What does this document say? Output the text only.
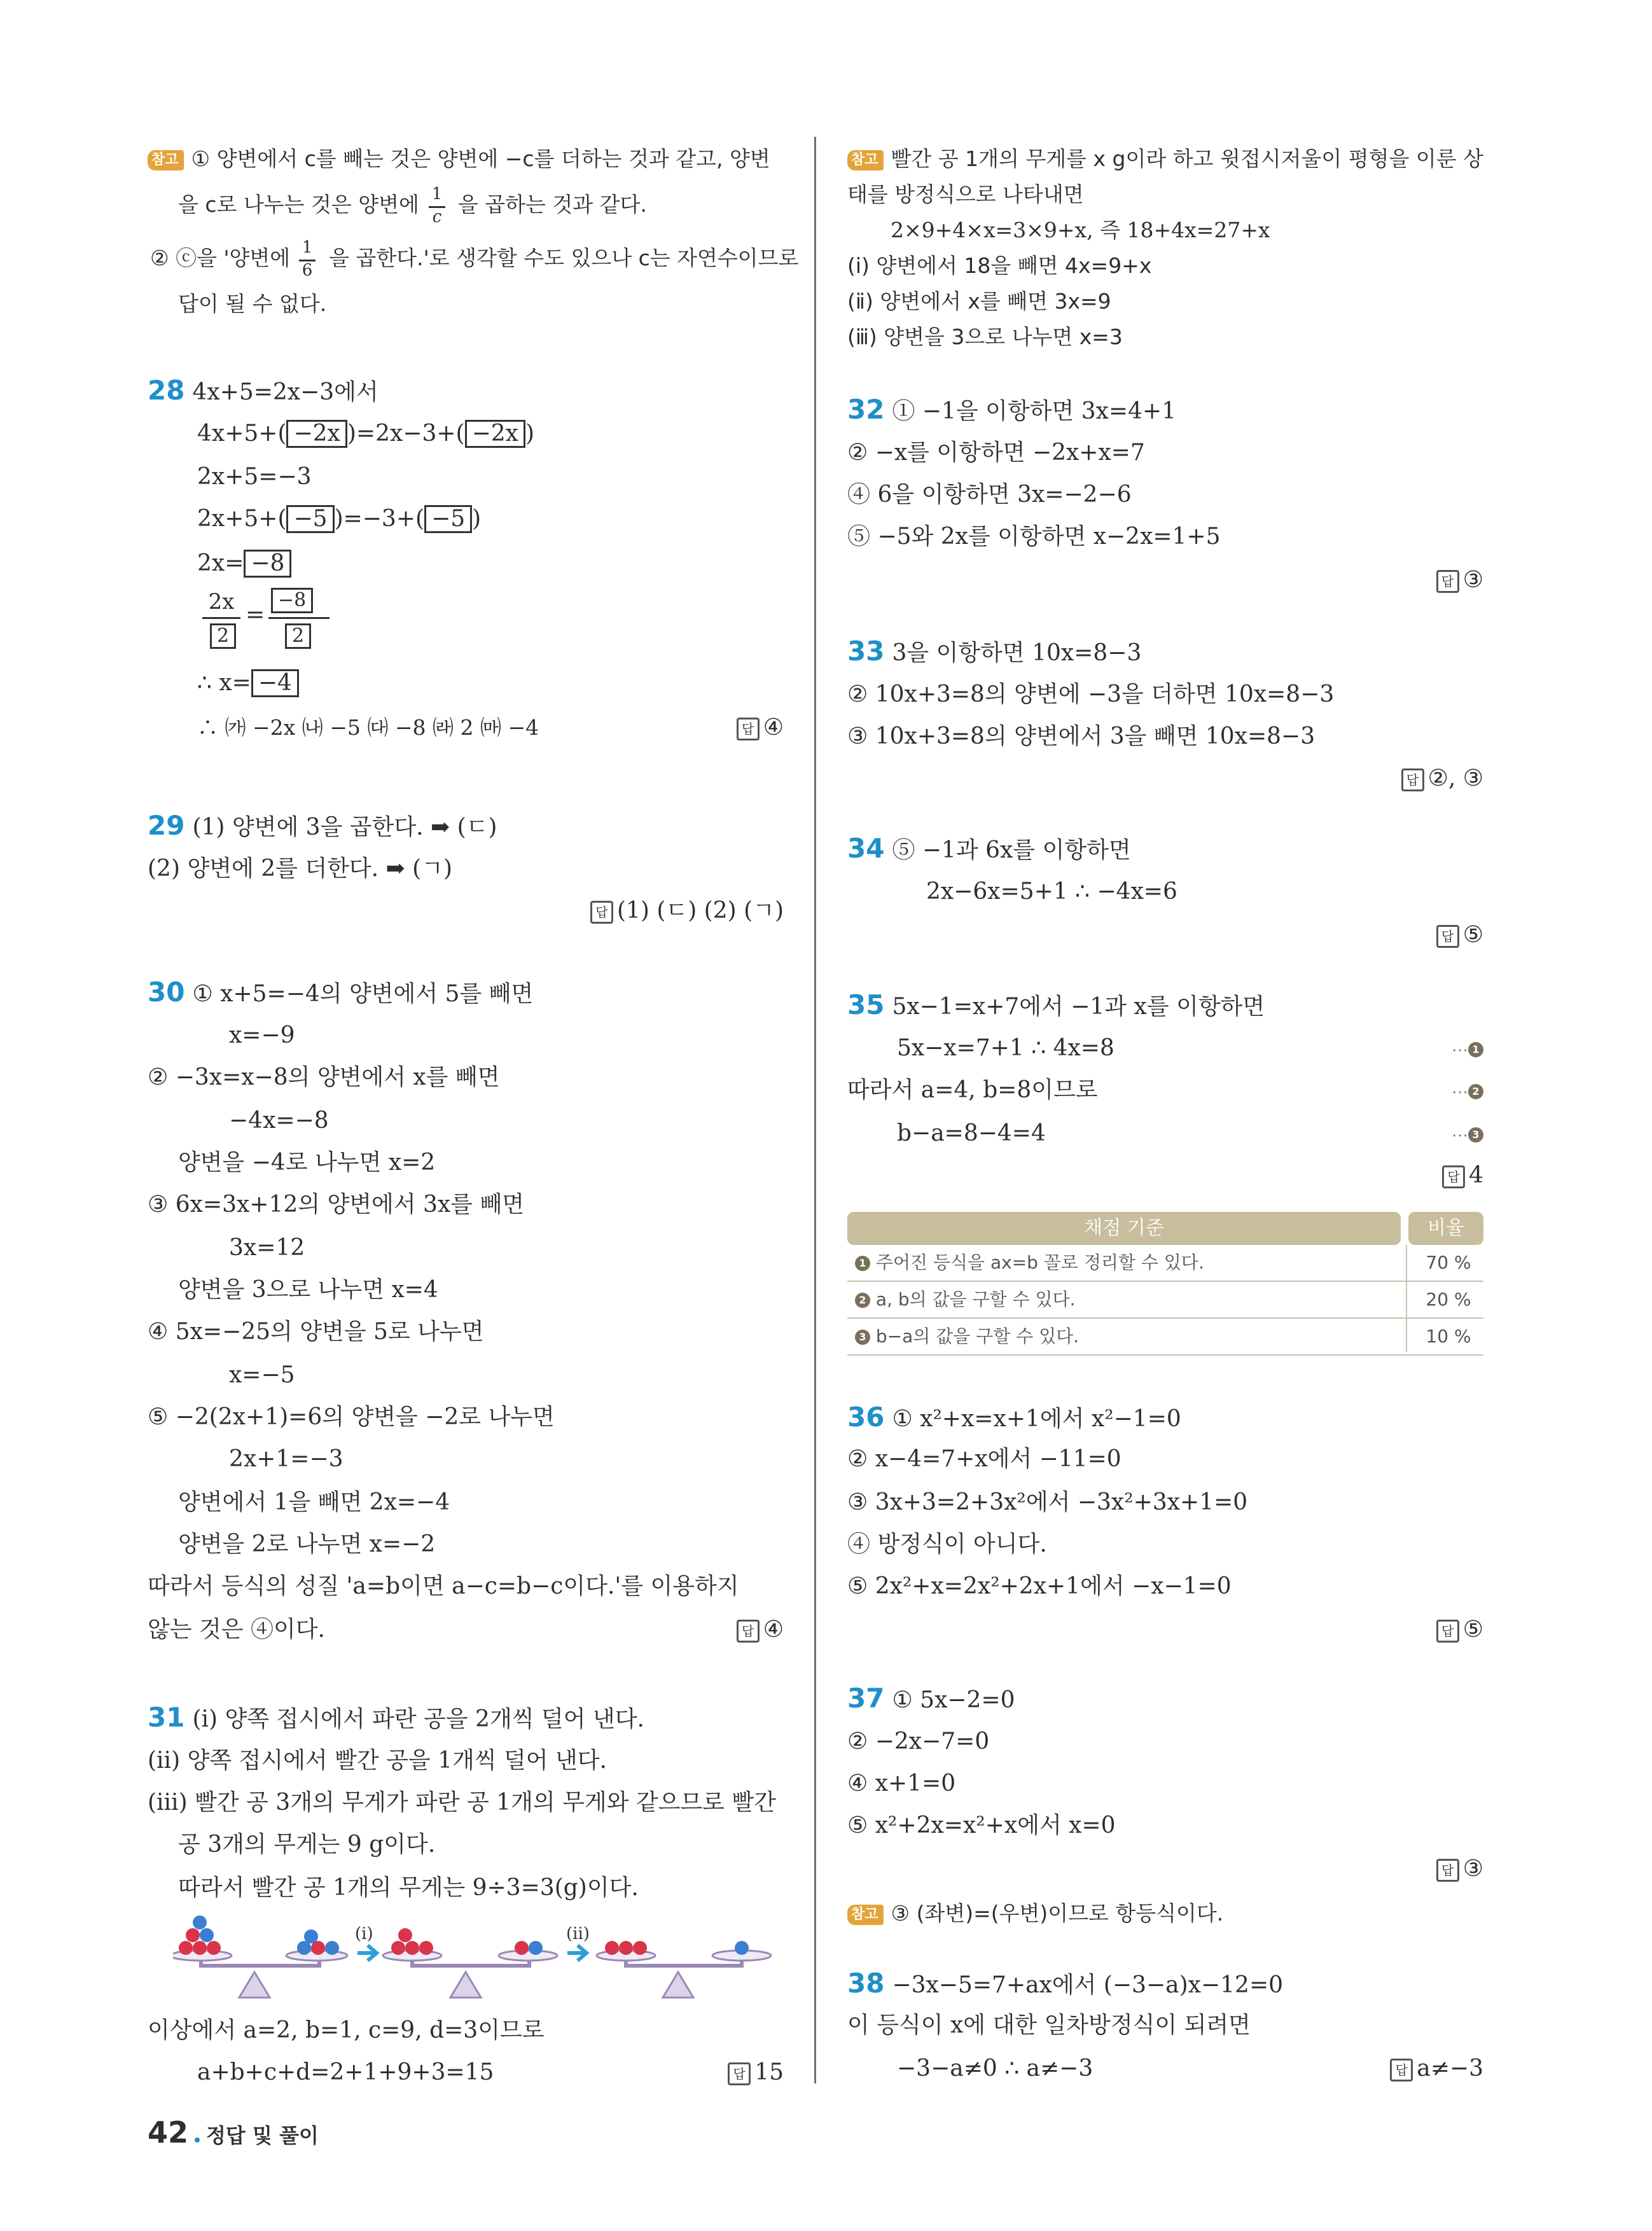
참고 ① 양변에서 c를 빼는 것은 양변에 −c를 더하는 것과 같고, 양변
을 c로 나누는 것은 양변에 을 곱하는 것과 같다.
1
c
② ⓒ을 '양변에 을 곱한다.'로 생각할 수도 있으나 c는 자연수이므로
1
6
답이 될 수 없다.
28 4x+5=2x−3에서
4x+5+( −2x )=2x−3+( −2x )
2x+5=−3
2x+5+( −5 )=−3+( −5 )
2x= −8
2x
2
=
−8
2
∴ x= −4
∴ ㈎ −2x ㈏ −5 ㈐ −8 ㈑ 2 ㈒ −4	답 ④
29 (1) 양변에 3을 곱한다. ➡ (ㄷ)
(2) 양변에 2를 더한다. ➡ (ㄱ)
답 (1) (ㄷ) (2) (ㄱ)
30 ① x+5=−4의 양변에서 5를 빼면
x=−9
② −3x=x−8의 양변에서 x를 빼면
−4x=−8
양변을 −4로 나누면 x=2
③ 6x=3x+12의 양변에서 3x를 빼면
3x=12
양변을 3으로 나누면 x=4
④ 5x=−25의 양변을 5로 나누면
x=−5
⑤ −2(2x+1)=6의 양변을 −2로 나누면
2x+1=−3
양변에서 1을 빼면 2x=−4
양변을 2로 나누면 x=−2
따라서 등식의 성질 'a=b이면 a−c=b−c이다.'를 이용하지
않는 것은 ④이다.	답 ④
31 (ⅰ) 양쪽 접시에서 파란 공을 2개씩 덜어 낸다.
(ⅱ) 양쪽 접시에서 빨간 공을 1개씩 덜어 낸다.
(ⅲ) 빨간 공 3개의 무게가 파란 공 1개의 무게와 같으므로 빨간
공 3개의 무게는 9 g이다.
따라서 빨간 공 1개의 무게는 9÷3=3(g)이다.
(i)	(ii)
이상에서 a=2, b=1, c=9, d=3이므로
a+b+c+d=2+1+9+3=15	답 15
참고 빨간 공 1개의 무게를 x g이라 하고 윗접시저울이 평형을 이룬 상
태를 방정식으로 나타내면
2×9+4×x=3×9+x, 즉 18+4x=27+x
(ⅰ) 양변에서 18을 빼면 4x=9+x
(ⅱ) 양변에서 x를 빼면 3x=9
(ⅲ) 양변을 3으로 나누면 x=3
32 ① −1을 이항하면 3x=4+1
② −x를 이항하면 −2x+x=7
④ 6을 이항하면 3x=−2−6
⑤ −5와 2x를 이항하면 x−2x=1+5
답 ③
33 3을 이항하면 10x=8−3
② 10x+3=8의 양변에 −3을 더하면 10x=8−3
③ 10x+3=8의 양변에서 3을 빼면 10x=8−3
답 ②, ③
34 ⑤ −1과 6x를 이항하면
2x−6x=5+1 ∴ −4x=6
답 ⑤
35 5x−1=x+7에서 −1과 x를 이항하면
5x−x=7+1 ∴ 4x=8	⋯ 1
따라서 a=4, b=8이므로	⋯ 2
b−a=8−4=4	⋯ 3
답 4
채점 기준	비율
1 주어진 등식을 ax=b 꼴로 정리할 수 있다.	70 %
2 a, b의 값을 구할 수 있다.	20 %
3 b−a의 값을 구할 수 있다.	10 %
36 ① x²+x=x+1에서 x²−1=0
② x−4=7+x에서 −11=0
③ 3x+3=2+3x²에서 −3x²+3x+1=0
④ 방정식이 아니다.
⑤ 2x²+x=2x²+2x+1에서 −x−1=0
답 ⑤
37 ① 5x−2=0
② −2x−7=0
④ x+1=0
⑤ x²+2x=x²+x에서 x=0
답 ③
참고 ③ (좌변)=(우변)이므로 항등식이다.
38 −3x−5=7+ax에서 (−3−a)x−12=0
이 등식이 x에 대한 일차방정식이 되려면
−3−a≠0 ∴ a≠−3	답 a≠−3
42 정답 및 풀이
